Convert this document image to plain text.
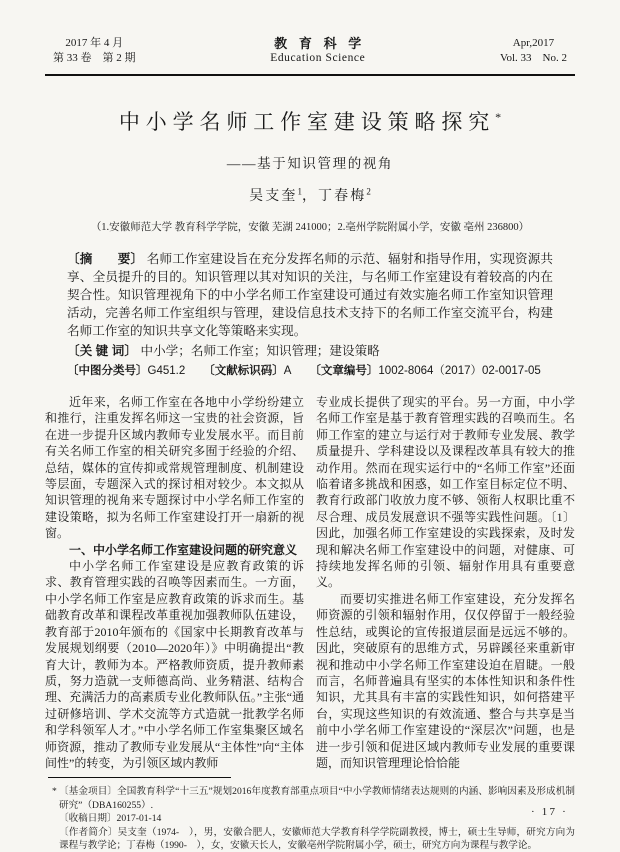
2017 年 4 月
第 33 卷　第 2 期
教育科学
Education Science
Apr,2017
Vol. 33　No. 2
中小学名师工作室建设策略探究*
——基于知识管理的视角
吴支奎$^1$，丁春梅$^2$
（1.安徽师范大学 教育科学学院，安徽 芜湖 241000；2.亳州学院附属小学，安徽 亳州 236800）
〔摘　　要〕 名师工作室建设旨在充分发挥名师的示范、辐射和指导作用，实现资源共享、全员提升的目的。知识管理以其对知识的关注，与名师工作室建设有着较高的内在契合性。知识管理视角下的中小学名师工作室建设可通过有效实施名师工作室知识管理活动，完善名师工作室组织与管理，建设信息技术支持下的名师工作室交流平台，构建名师工作室的知识共享文化等策略来实现。
〔关 键 词〕 中小学；名师工作室；知识管理；建设策略
〔中图分类号〕G451.2 〔文献标识码〕A 〔文章编号〕1002-8064（2017）02-0017-05

近年来，名师工作室在各地中小学纷纷建立和推行，注重发挥名师这一宝贵的社会资源，旨在进一步提升区域内教师专业发展水平。而目前有关名师工作室的相关研究多囿于经验的介绍、总结，媒体的宣传抑或常规管理制度、机制建设等层面，专题深入式的探讨相对较少。本文拟从知识管理的视角来专题探讨中小学名师工作室的建设策略，拟为名师工作室建设打开一扇新的视窗。

一、中小学名师工作室建设问题的研究意义

中小学名师工作室建设是应教育政策的诉求、教育管理实践的召唤等因素而生。一方面，中小学名师工作室是应教育政策的诉求而生。基础教育改革和课程改革重视加强教师队伍建设，教育部于2010年颁布的《国家中长期教育改革与发展规划纲要（2010—2020年）》中明确提出“教育大计，教师为本。严格教师资质，提升教师素质，努力造就一支师德高尚、业务精湛、结构合理、充满活力的高素质专业化教师队伍。”主张“通过研修培训、学术交流等方式造就一批教学名师和学科领军人才。”中小学名师工作室集聚区域名师资源，推动了教师专业发展从“主体性”向“主体间性”的转变，为引领区域内教师

专业成长提供了现实的平台。另一方面，中小学名师工作室是基于教育管理实践的召唤而生。名师工作室的建立与运行对于教师专业发展、教学质量提升、学科建设以及课程改革具有较大的推动作用。然而在现实运行中的“名师工作室”还面临着诸多挑战和困惑，如工作室目标定位不明、教育行政部门收放力度不够、领衔人权职比重不尽合理、成员发展意识不强等实践性问题。〔1〕因此，加强名师工作室建设的实践探索，及时发现和解决名师工作室建设中的问题，对健康、可持续地发挥名师的引领、辐射作用具有重要意义。

而要切实推进名师工作室建设，充分发挥名师资源的引领和辐射作用，仅仅停留于一般经验性总结，或舆论的宣传报道层面是远远不够的。因此，突破原有的思维方式，另辟蹊径来重新审视和推动中小学名师工作室建设迫在眉睫。一般而言，名师普遍具有坚实的本体性知识和条件性知识，尤其具有丰富的实践性知识，如何搭建平台，实现这些知识的有效流通、整合与共享是当前中小学名师工作室建设的“深层次”问题，也是进一步引领和促进区域内教师专业发展的重要课题，而知识管理理论恰恰能

* 〔基金项目〕全国教育科学“十三五”规划2016年度教育部重点项目“中小学教师情绪表达规则的内涵、影响因素及形成机制研究”（DBA160255）.
〔收稿日期〕2017-01-14
〔作者简介〕吴支奎（1974-　），男，安徽合肥人，安徽师范大学教育科学学院副教授，博士，硕士生导师，研究方向为课程与教学论；丁春梅（1990-　），女，安徽天长人，安徽亳州学院附属小学，硕士，研究方向为课程与教学论。
· 17 ·
